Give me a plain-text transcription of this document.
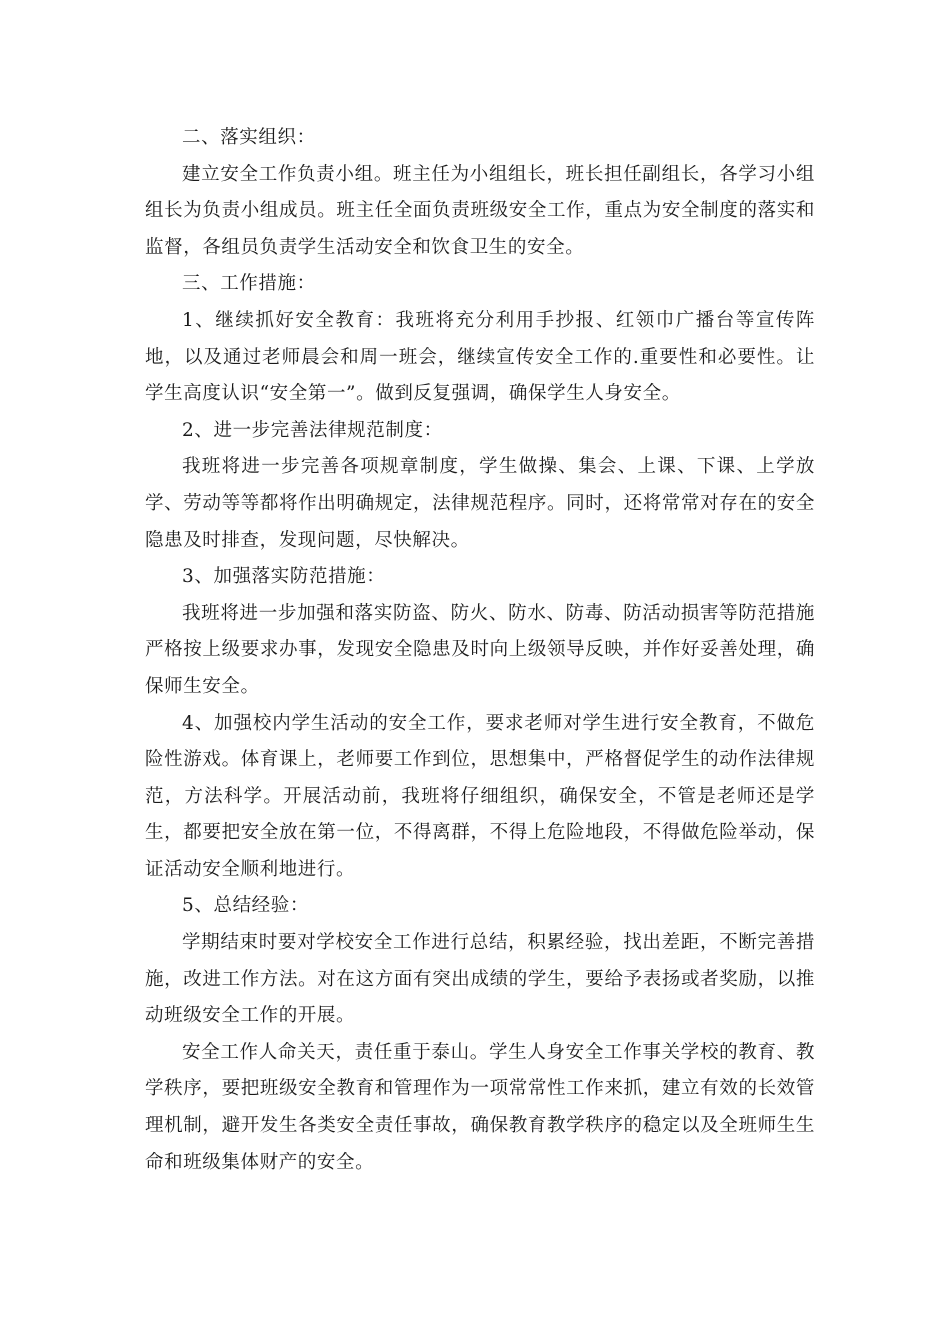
二、落实组织：

建立安全工作负责小组。班主任为小组组长，班长担任副组长，各学习小组组长为负责小组成员。班主任全面负责班级安全工作，重点为安全制度的落实和监督，各组员负责学生活动安全和饮食卫生的安全。

三、工作措施：

1、继续抓好安全教育：我班将充分利用手抄报、红领巾广播台等宣传阵地，以及通过老师晨会和周一班会，继续宣传安全工作的.重要性和必要性。让学生高度认识“安全第一”。做到反复强调，确保学生人身安全。

2、进一步完善法律规范制度：

我班将进一步完善各项规章制度，学生做操、集会、上课、下课、上学放学、劳动等等都将作出明确规定，法律规范程序。同时，还将常常对存在的安全隐患及时排查，发现问题，尽快解决。

3、加强落实防范措施：

我班将进一步加强和落实防盗、防火、防水、防毒、防活动损害等防范措施严格按上级要求办事，发现安全隐患及时向上级领导反映，并作好妥善处理，确保师生安全。

4、加强校内学生活动的安全工作，要求老师对学生进行安全教育，不做危险性游戏。体育课上，老师要工作到位，思想集中，严格督促学生的动作法律规范，方法科学。开展活动前，我班将仔细组织，确保安全，不管是老师还是学生，都要把安全放在第一位，不得离群，不得上危险地段，不得做危险举动，保证活动安全顺利地进行。

5、总结经验：

学期结束时要对学校安全工作进行总结，积累经验，找出差距，不断完善措施，改进工作方法。对在这方面有突出成绩的学生，要给予表扬或者奖励，以推动班级安全工作的开展。

安全工作人命关天，责任重于泰山。学生人身安全工作事关学校的教育、教学秩序，要把班级安全教育和管理作为一项常常性工作来抓，建立有效的长效管理机制，避开发生各类安全责任事故，确保教育教学秩序的稳定以及全班师生生命和班级集体财产的安全。
